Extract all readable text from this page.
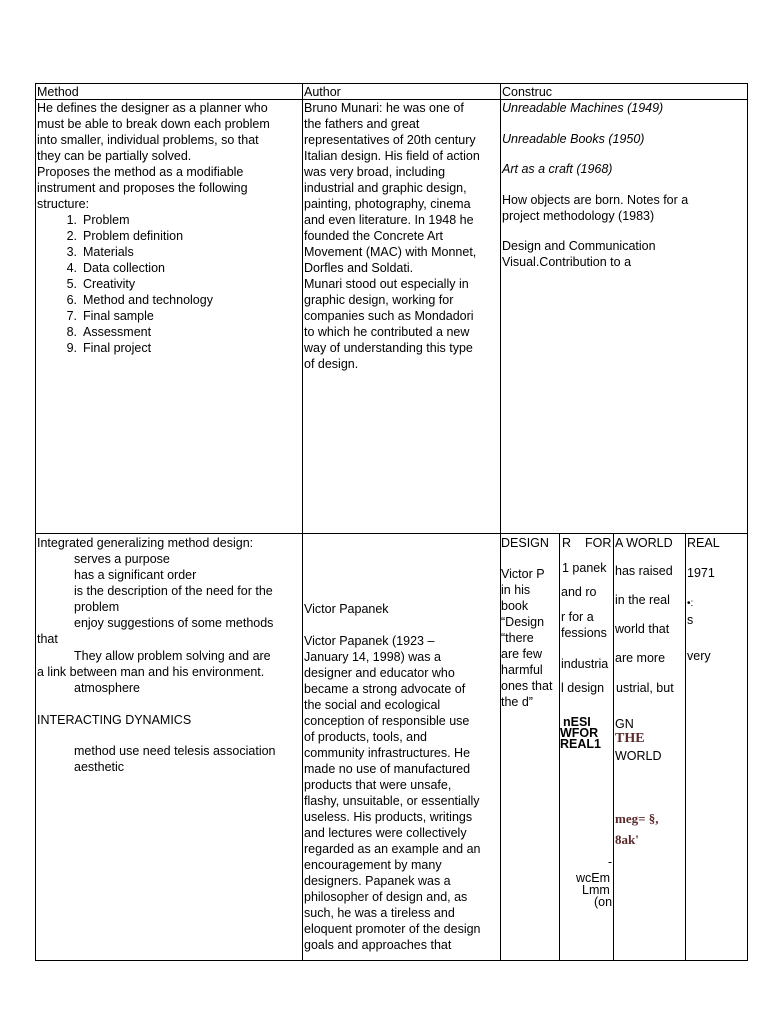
Method	Author	Construc
He defines the designer as a planner who
must be able to break down each problem
into smaller, individual problems, so that
they can be partially solved.
Proposes the method as a modifiable
instrument and proposes the following
structure:
1. Problem
2. Problem definition
3. Materials
4. Data collection
5. Creativity
6. Method and technology
7. Final sample
8. Assessment
9. Final project
Bruno Munari: he was one of
the fathers and great
representatives of 20th century
Italian design. His field of action
was very broad, including
industrial and graphic design,
painting, photography, cinema
and even literature. In 1948 he
founded the Concrete Art
Movement (MAC) with Monnet,
Dorfles and Soldati.
Munari stood out especially in
graphic design, working for
companies such as Mondadori
to which he contributed a new
way of understanding this type
of design.
Unreadable Machines (1949)
Unreadable Books (1950)
Art as a craft (1968)
How objects are born. Notes for a
project methodology (1983)
Design and Communication
Visual.Contribution to a
Integrated generalizing method design:
serves a purpose
has a significant order
is the description of the need for the
problem
enjoy suggestions of some methods
that
They allow problem solving and are
a link between man and his environment.
atmosphere
INTERACTING DYNAMICS
method use need telesis association
aesthetic
Victor Papanek
Victor Papanek (1923 –
January 14, 1998) was a
designer and educator who
became a strong advocate of
the social and ecological
conception of responsible use
of products, tools, and
community infrastructures. He
made no use of manufactured
products that were unsafe,
flashy, unsuitable, or essentially
useless. His products, writings
and lectures were collectively
regarded as an example and an
encouragement by many
designers. Papanek was a
philosopher of design and, as
such, he was a tireless and
eloquent promoter of the design
goals and approaches that
DESIGN
Victor P
in his
book
“Design
“there
are few
harmful
ones that
the d”
R FOR
1 panek
and ro
r for a
fessions
industria
l design
nESI
WFOR
REAL1
-
wcEm
Lmm
(on
A WORLD
has raised
in the real
world that
are more
ustrial, but
GN
THE
WORLD
meg= §,
8ak'
REAL
1971
•:
s
very
